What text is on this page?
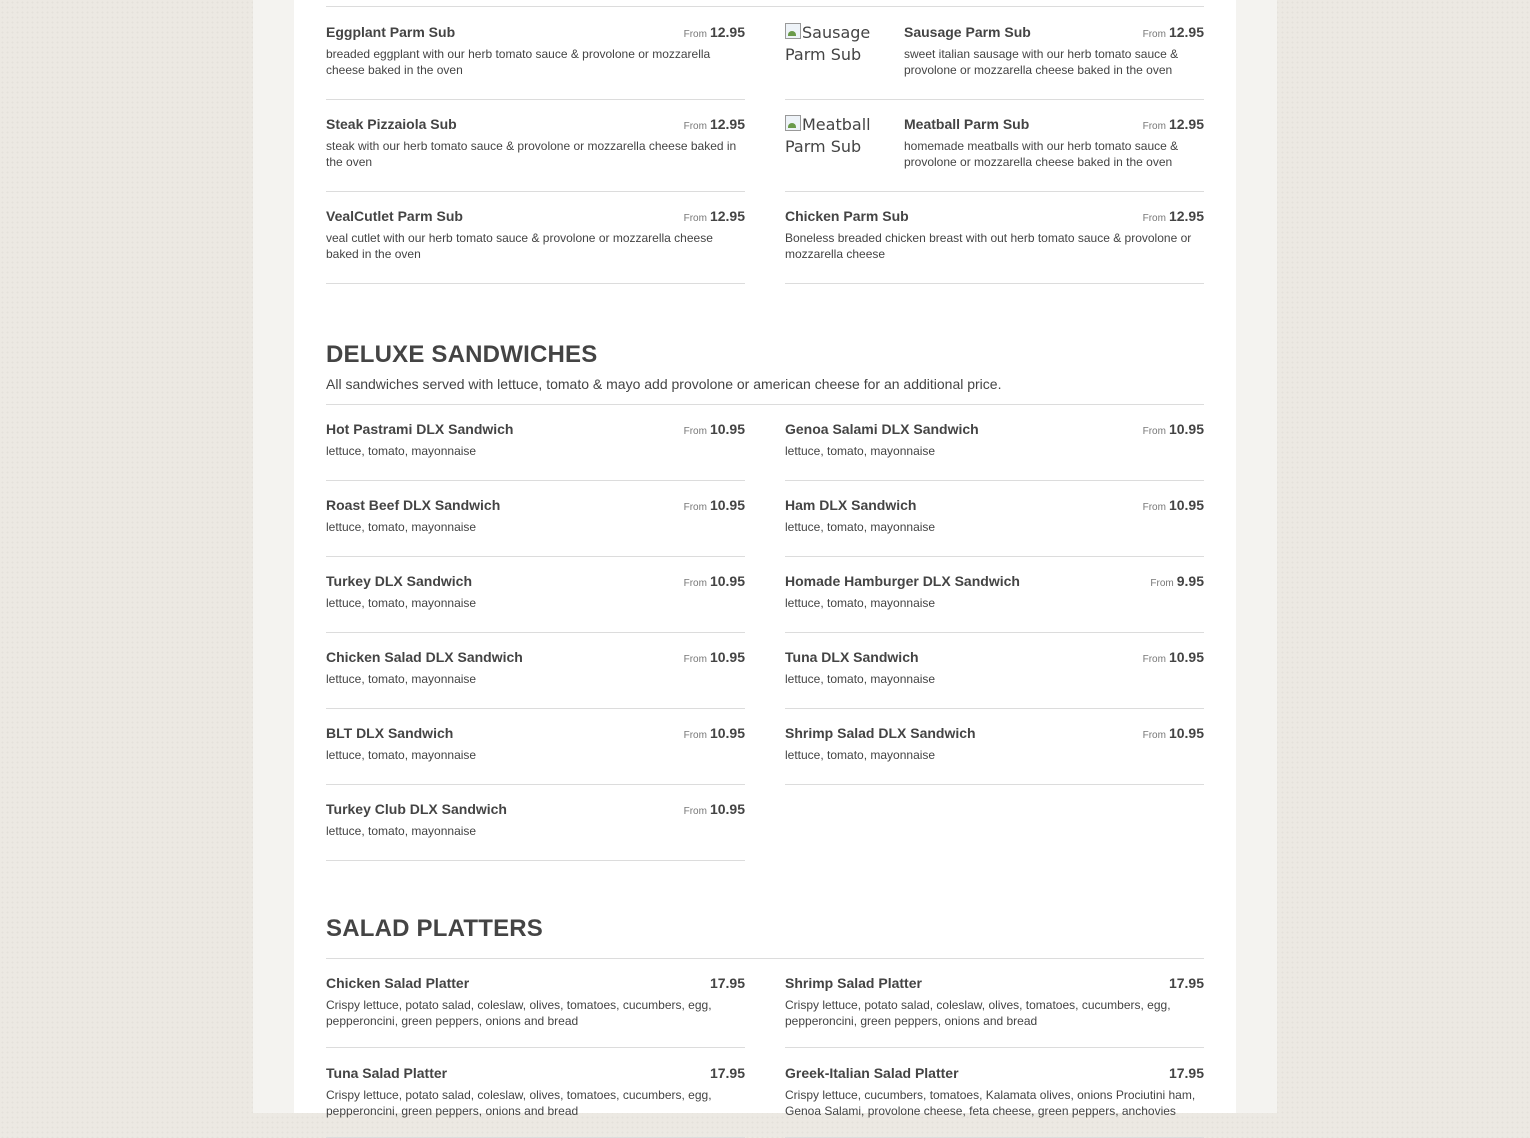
Eggplant Parm Sub	From 12.95
breaded eggplant with our herb tomato sauce & provolone or mozzarella cheese baked in the oven
Steak Pizzaiola Sub	From 12.95
steak with our herb tomato sauce & provolone or mozzarella cheese baked in the oven
VealCutlet Parm Sub	From 12.95
veal cutlet with our herb tomato sauce & provolone or mozzarella cheese baked in the oven
Sausage Parm Sub
Sausage Parm Sub	From 12.95
sweet italian sausage with our herb tomato sauce & provolone or mozzarella cheese baked in the oven
Meatball Parm Sub
Meatball Parm Sub	From 12.95
homemade meatballs with our herb tomato sauce & provolone or mozzarella cheese baked in the oven
Chicken Parm Sub	From 12.95
Boneless breaded chicken breast with out herb tomato sauce & provolone or mozzarella cheese
DELUXE SANDWICHES
All sandwiches served with lettuce, tomato & mayo add provolone or american cheese for an additional price.
Hot Pastrami DLX Sandwich	From 10.95
lettuce, tomato, mayonnaise
Roast Beef DLX Sandwich	From 10.95
lettuce, tomato, mayonnaise
Turkey DLX Sandwich	From 10.95
lettuce, tomato, mayonnaise
Chicken Salad DLX Sandwich	From 10.95
lettuce, tomato, mayonnaise
BLT DLX Sandwich	From 10.95
lettuce, tomato, mayonnaise
Turkey Club DLX Sandwich	From 10.95
lettuce, tomato, mayonnaise
Genoa Salami DLX Sandwich	From 10.95
lettuce, tomato, mayonnaise
Ham DLX Sandwich	From 10.95
lettuce, tomato, mayonnaise
Homade Hamburger DLX Sandwich	From 9.95
lettuce, tomato, mayonnaise
Tuna DLX Sandwich	From 10.95
lettuce, tomato, mayonnaise
Shrimp Salad DLX Sandwich	From 10.95
lettuce, tomato, mayonnaise
SALAD PLATTERS
Chicken Salad Platter	17.95
Crispy lettuce, potato salad, coleslaw, olives, tomatoes, cucumbers, egg, pepperoncini, green peppers, onions and bread
Tuna Salad Platter	17.95
Crispy lettuce, potato salad, coleslaw, olives, tomatoes, cucumbers, egg, pepperoncini, green peppers, onions and bread
Shrimp Salad Platter	17.95
Crispy lettuce, potato salad, coleslaw, olives, tomatoes, cucumbers, egg, pepperoncini, green peppers, onions and bread
Greek-Italian Salad Platter	17.95
Crispy lettuce, cucumbers, tomatoes, Kalamata olives, onions Prociutini ham, Genoa Salami, provolone cheese, feta cheese, green peppers, anchovies
